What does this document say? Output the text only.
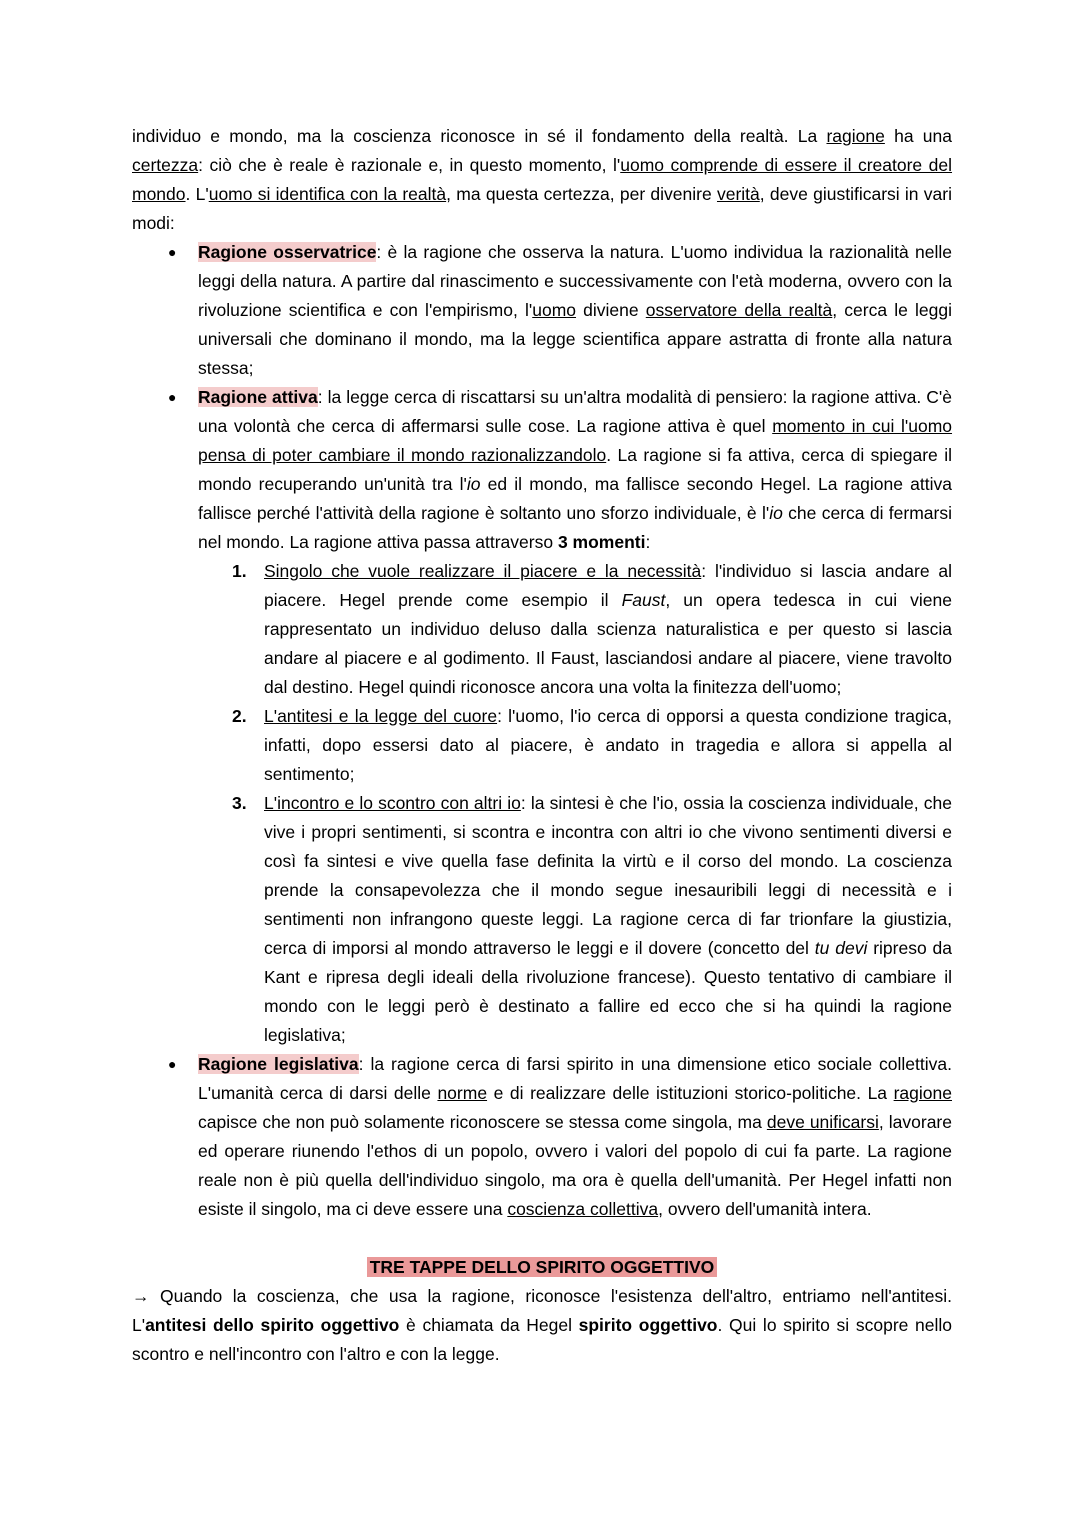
individuo e mondo, ma la coscienza riconosce in sé il fondamento della realtà. La ragione ha una certezza: ciò che è reale è razionale e, in questo momento, l'uomo comprende di essere il creatore del mondo. L'uomo si identifica con la realtà, ma questa certezza, per divenire verità, deve giustificarsi in vari modi:

● Ragione osservatrice: è la ragione che osserva la natura. L'uomo individua la razionalità nelle leggi della natura. A partire dal rinascimento e successivamente con l'età moderna, ovvero con la rivoluzione scientifica e con l'empirismo, l'uomo diviene osservatore della realtà, cerca le leggi universali che dominano il mondo, ma la legge scientifica appare astratta di fronte alla natura stessa;
● Ragione attiva: la legge cerca di riscattarsi su un'altra modalità di pensiero: la ragione attiva. C'è una volontà che cerca di affermarsi sulle cose. La ragione attiva è quel momento in cui l'uomo pensa di poter cambiare il mondo razionalizzandolo. La ragione si fa attiva, cerca di spiegare il mondo recuperando un'unità tra l'io ed il mondo, ma fallisce secondo Hegel. La ragione attiva fallisce perché l'attività della ragione è soltanto uno sforzo individuale, è l'io che cerca di fermarsi nel mondo. La ragione attiva passa attraverso 3 momenti:
1. Singolo che vuole realizzare il piacere e la necessità: l'individuo si lascia andare al piacere. Hegel prende come esempio il Faust, un opera tedesca in cui viene rappresentato un individuo deluso dalla scienza naturalistica e per questo si lascia andare al piacere e al godimento. Il Faust, lasciandosi andare al piacere, viene travolto dal destino. Hegel quindi riconosce ancora una volta la finitezza dell'uomo;
2. L'antitesi e la legge del cuore: l'uomo, l'io cerca di opporsi a questa condizione tragica, infatti, dopo essersi dato al piacere, è andato in tragedia e allora si appella al sentimento;
3. L'incontro e lo scontro con altri io: la sintesi è che l'io, ossia la coscienza individuale, che vive i propri sentimenti, si scontra e incontra con altri io che vivono sentimenti diversi e così fa sintesi e vive quella fase definita la virtù e il corso del mondo. La coscienza prende la consapevolezza che il mondo segue inesauribili leggi di necessità e i sentimenti non infrangono queste leggi. La ragione cerca di far trionfare la giustizia, cerca di imporsi al mondo attraverso le leggi e il dovere (concetto del tu devi ripreso da Kant e ripresa degli ideali della rivoluzione francese). Questo tentativo di cambiare il mondo con le leggi però è destinato a fallire ed ecco che si ha quindi la ragione legislativa;
● Ragione legislativa: la ragione cerca di farsi spirito in una dimensione etico sociale collettiva. L'umanità cerca di darsi delle norme e di realizzare delle istituzioni storico-politiche. La ragione capisce che non può solamente riconoscere se stessa come singola, ma deve unificarsi, lavorare ed operare riunendo l'ethos di un popolo, ovvero i valori del popolo di cui fa parte. La ragione reale non è più quella dell'individuo singolo, ma ora è quella dell'umanità. Per Hegel infatti non esiste il singolo, ma ci deve essere una coscienza collettiva, ovvero dell'umanità intera.
TRE TAPPE DELLO SPIRITO OGGETTIVO

→ Quando la coscienza, che usa la ragione, riconosce l'esistenza dell'altro, entriamo nell'antitesi. L'antitesi dello spirito oggettivo è chiamata da Hegel spirito oggettivo. Qui lo spirito si scopre nello scontro e nell'incontro con l'altro e con la legge.
